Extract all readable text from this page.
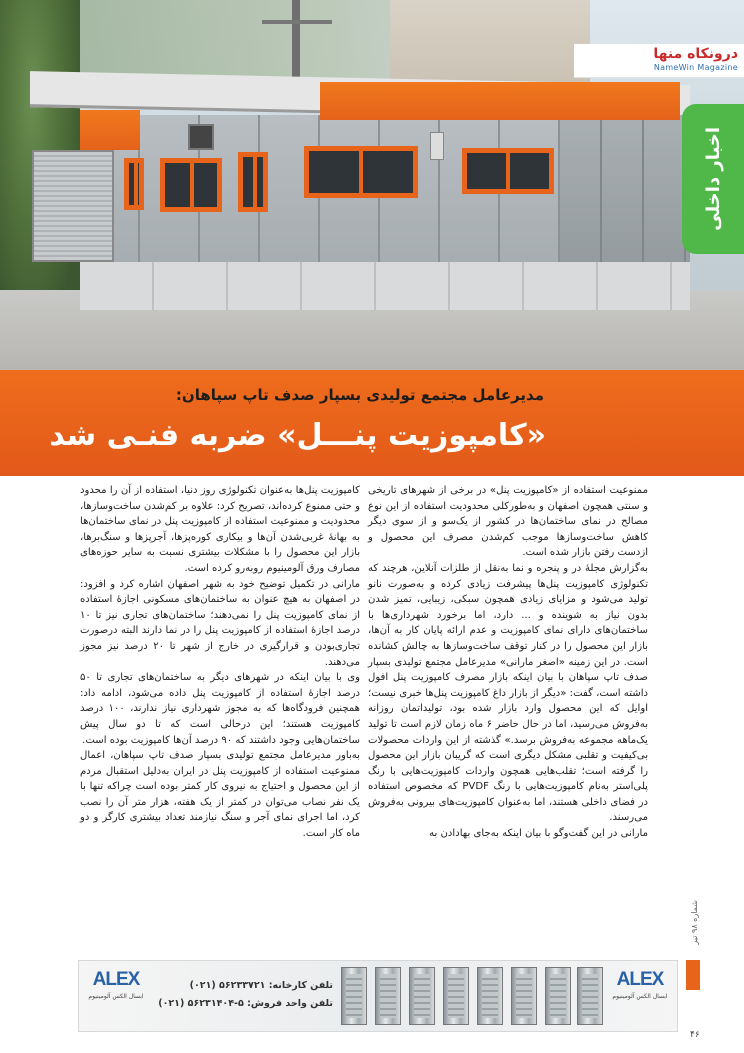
درونکاه منها
NameWin Magazine
اخبار داخلی
مدیرعامل مجتمع تولیدی بسپار صدف تاپ سپاهان:
«کامپوزیت پنـــل» ضربه فنـی شد

ممنوعیت استفاده از «کامپوزیت پنل» در برخی از شهرهای تاریخی و سنتی همچون اصفهان و به‌طورکلی محدودیت استفاده از این نوع مصالح در نمای ساختمان‌ها در کشور از یک‌سو و از سوی دیگر کاهش ساخت‌وسازها موجب کم‌شدن مصرف این محصول و ازدست رفتن بازار شده است.

به‌گزارش مجلهٔ در و پنجره و نما به‌نقل از طلزات آنلاین، هرچند که تکنولوژی کامپوزیت پنل‌ها پیشرفت زیادی کرده و به‌صورت نانو تولید می‌شود و مزایای زیادی همچون سبکی، زیبایی، تمیز شدن بدون نیاز به شوینده و ... دارد، اما برخورد شهرداری‌ها با ساختمان‌های دارای نمای کامپوزیت و عدم ارائه پایان کار به آن‌ها، بازار این محصول را در کنار توقف ساخت‌وسازها به چالش کشانده است. در این زمینه «اصغر مارانی» مدیرعامل مجتمع تولیدی بسپار صدف تاپ سپاهان با بیان اینکه بازار مصرف کامپوزیت پنل افول داشته است، گفت: «دیگر از بازار داغ کامپوزیت پنل‌ها خبری نیست؛ اوایل که این محصول وارد بازار شده بود، تولیداتمان روزانه به‌فروش می‌رسید، اما در حال حاضر ۶ ماه زمان لازم است تا تولید یک‌ماهه مجموعه به‌فروش برسد.» گذشته از این واردات محصولات بی‌کیفیت و تقلبی مشکل دیگری است که گریبان بازار این محصول را گرفته است؛ تقلب‌هایی همچون واردات کامپوزیت‌هایی با رنگ پلی‌استر به‌نام کامپوزیت‌هایی با رنگ PVDF که مخصوص استفاده در فضای داخلی هستند، اما به‌عنوان کامپوزیت‌های بیرونی به‌فروش می‌رسند.

مارانی در این گفت‌وگو با بیان اینکه به‌جای بهادادن به

کامپوزیت پنل‌ها به‌عنوان تکنولوژی روز دنیا، استفاده از آن را محدود و حتی ممنوع کرده‌اند، تصریح کرد: علاوه بر کم‌شدن ساخت‌وسازها، محدودیت و ممنوعیت استفاده از کامپوزیت پنل در نمای ساختمان‌ها به بهانهٔ غربی‌شدن آن‌ها و بیکاری کوره‌پزها، آجرپزها و سنگ‌برها، بازار این محصول را با مشکلات بیشتری نسبت به سایر حوزه‌های مصارف ورق آلومینیوم روبه‌رو کرده است.

مارانی در تکمیل توضیح خود به شهر اصفهان اشاره کرد و افزود: در اصفهان به هیچ عنوان به ساختمان‌های مسکونی اجازهٔ استفاده از نمای کامپوزیت پنل را نمی‌دهند؛ ساختمان‌های تجاری نیز تا ۱۰ درصد اجازهٔ استفاده از کامپوزیت پنل را در نما دارند البته درصورت تجاری‌بودن و قرارگیری در خارج از شهر تا ۲۰ درصد نیز مجوز می‌دهند.

وی با بیان اینکه در شهرهای دیگر به ساختمان‌های تجاری تا ۵۰ درصد اجازهٔ استفاده از کامپوزیت پنل داده می‌شود، ادامه داد: همچنین فرودگاه‌ها که به مجوز شهرداری نیاز ندارند، ۱۰۰ درصد کامپوزیت هستند؛ این درحالی است که تا دو سال پیش ساختمان‌هایی وجود داشتند که ۹۰ درصد آن‌ها کامپوزیت بوده است.

به‌باور مدیرعامل مجتمع تولیدی بسپار صدف تاپ سپاهان، اعمال ممنوعیت استفاده از کامپوزیت پنل در ایران به‌دلیل استقبال مردم از این محصول و احتیاج به نیروی کار کمتر بوده است چراکه تنها با یک نفر نصاب می‌توان در کمتر از یک هفته، هزار متر آن را نصب کرد، اما اجرای نمای آجر و سنگ نیازمند تعداد بیشتری کارگر و دو ماه کار است.

شماره ۹۸ تیر
۴۶
ALEX
ابسال الکس آلومینیوم
تلفن کارخانه: ۵۶۲۳۳۷۲۱ (۰۲۱)
تلفن واحد فروش: ۵-۵۶۲۳۱۴۰۴ (۰۲۱)
ALEX
ابسال الکس آلومینیوم
